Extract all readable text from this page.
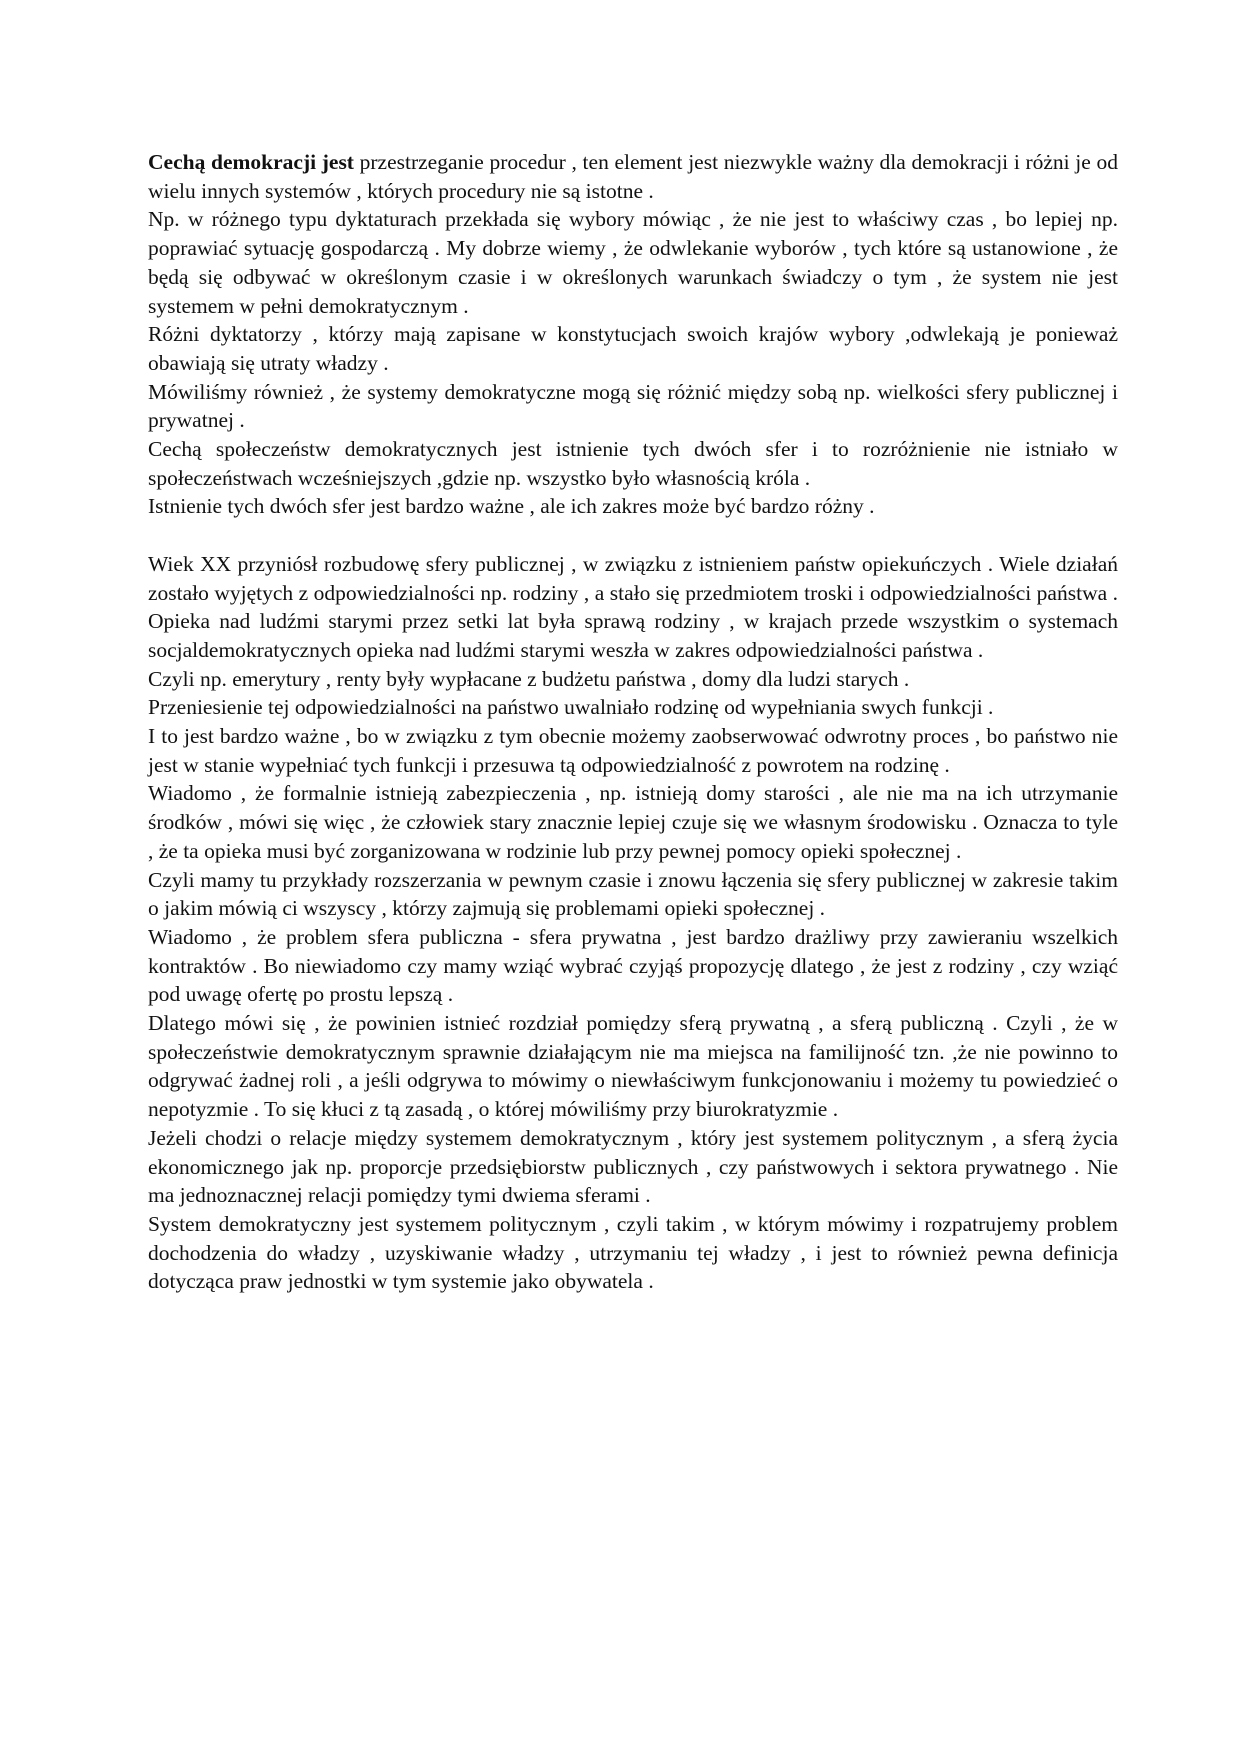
Cechą demokracji jest przestrzeganie procedur , ten element jest niezwykle ważny dla demokracji i różni je od wielu innych systemów , których procedury nie są istotne .

Np. w różnego typu dyktaturach przekłada się wybory mówiąc , że nie jest to właściwy czas , bo lepiej np. poprawiać sytuację gospodarczą . My dobrze wiemy , że odwlekanie wyborów , tych które są ustanowione , że będą się odbywać w określonym czasie i w określonych warunkach świadczy o tym , że system nie jest systemem w pełni demokratycznym .

Różni dyktatorzy , którzy mają zapisane w konstytucjach swoich krajów wybory ,odwlekają je ponieważ obawiają się utraty władzy .

Mówiliśmy również , że systemy demokratyczne mogą się różnić między sobą np. wielkości sfery publicznej i prywatnej .

Cechą społeczeństw demokratycznych jest istnienie tych dwóch sfer i to rozróżnienie nie istniało w społeczeństwach wcześniejszych ,gdzie np. wszystko było własnością króla .

Istnienie tych dwóch sfer jest bardzo ważne , ale ich zakres może być bardzo różny .

Wiek XX przyniósł rozbudowę sfery publicznej , w związku z istnieniem państw opiekuńczych . Wiele działań zostało wyjętych z odpowiedzialności np. rodziny , a stało się przedmiotem troski i odpowiedzialności państwa . Opieka nad ludźmi starymi przez setki lat była sprawą rodziny , w krajach przede wszystkim o systemach socjaldemokratycznych opieka nad ludźmi starymi weszła w zakres odpowiedzialności państwa .

Czyli np. emerytury , renty były wypłacane z budżetu państwa , domy dla ludzi starych .

Przeniesienie tej odpowiedzialności na państwo uwalniało rodzinę od wypełniania swych funkcji .

I to jest bardzo ważne , bo w związku z tym obecnie możemy zaobserwować odwrotny proces , bo państwo nie jest w stanie wypełniać tych funkcji i przesuwa tą odpowiedzialność z powrotem na rodzinę .

Wiadomo , że formalnie istnieją zabezpieczenia , np. istnieją domy starości , ale nie ma na ich utrzymanie środków , mówi się więc , że człowiek stary znacznie lepiej czuje się we własnym środowisku . Oznacza to tyle , że ta opieka musi być zorganizowana w rodzinie lub przy pewnej pomocy opieki społecznej .

Czyli mamy tu przykłady rozszerzania w pewnym czasie i znowu łączenia się sfery publicznej w zakresie takim o jakim mówią ci wszyscy , którzy zajmują się problemami opieki społecznej .

Wiadomo , że problem sfera publiczna - sfera prywatna , jest bardzo drażliwy przy zawieraniu wszelkich kontraktów . Bo niewiadomo czy mamy wziąć wybrać czyjąś propozycję dlatego , że jest z rodziny , czy wziąć pod uwagę ofertę po prostu lepszą .

Dlatego mówi się , że powinien istnieć rozdział pomiędzy sferą prywatną , a sferą publiczną . Czyli , że w społeczeństwie demokratycznym sprawnie działającym nie ma miejsca na familijność tzn. ,że nie powinno to odgrywać żadnej roli , a jeśli odgrywa to mówimy o niewłaściwym funkcjonowaniu i możemy tu powiedzieć o nepotyzmie . To się kłuci z tą zasadą , o której mówiliśmy przy biurokratyzmie .

Jeżeli chodzi o relacje między systemem demokratycznym , który jest systemem politycznym , a sferą życia ekonomicznego jak np. proporcje przedsiębiorstw publicznych , czy państwowych i sektora prywatnego . Nie ma jednoznacznej relacji pomiędzy tymi dwiema sferami .

System demokratyczny jest systemem politycznym , czyli takim , w którym mówimy i rozpatrujemy problem dochodzenia do władzy , uzyskiwanie władzy , utrzymaniu tej władzy , i jest to również pewna definicja dotycząca praw jednostki w tym systemie jako obywatela .
